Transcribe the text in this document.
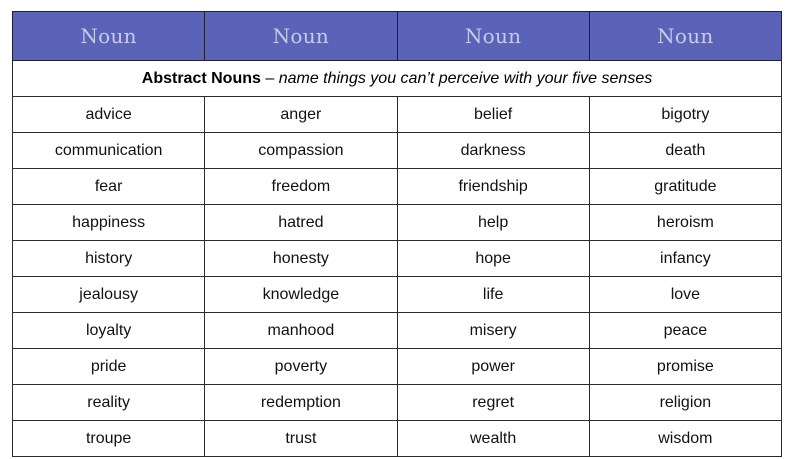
Noun	Noun	Noun	Noun
Abstract Nouns – name things you can’t perceive with your five senses			
advice	anger	belief	bigotry
communication	compassion	darkness	death
fear	freedom	friendship	gratitude
happiness	hatred	help	heroism
history	honesty	hope	infancy
jealousy	knowledge	life	love
loyalty	manhood	misery	peace
pride	poverty	power	promise
reality	redemption	regret	religion
troupe	trust	wealth	wisdom
